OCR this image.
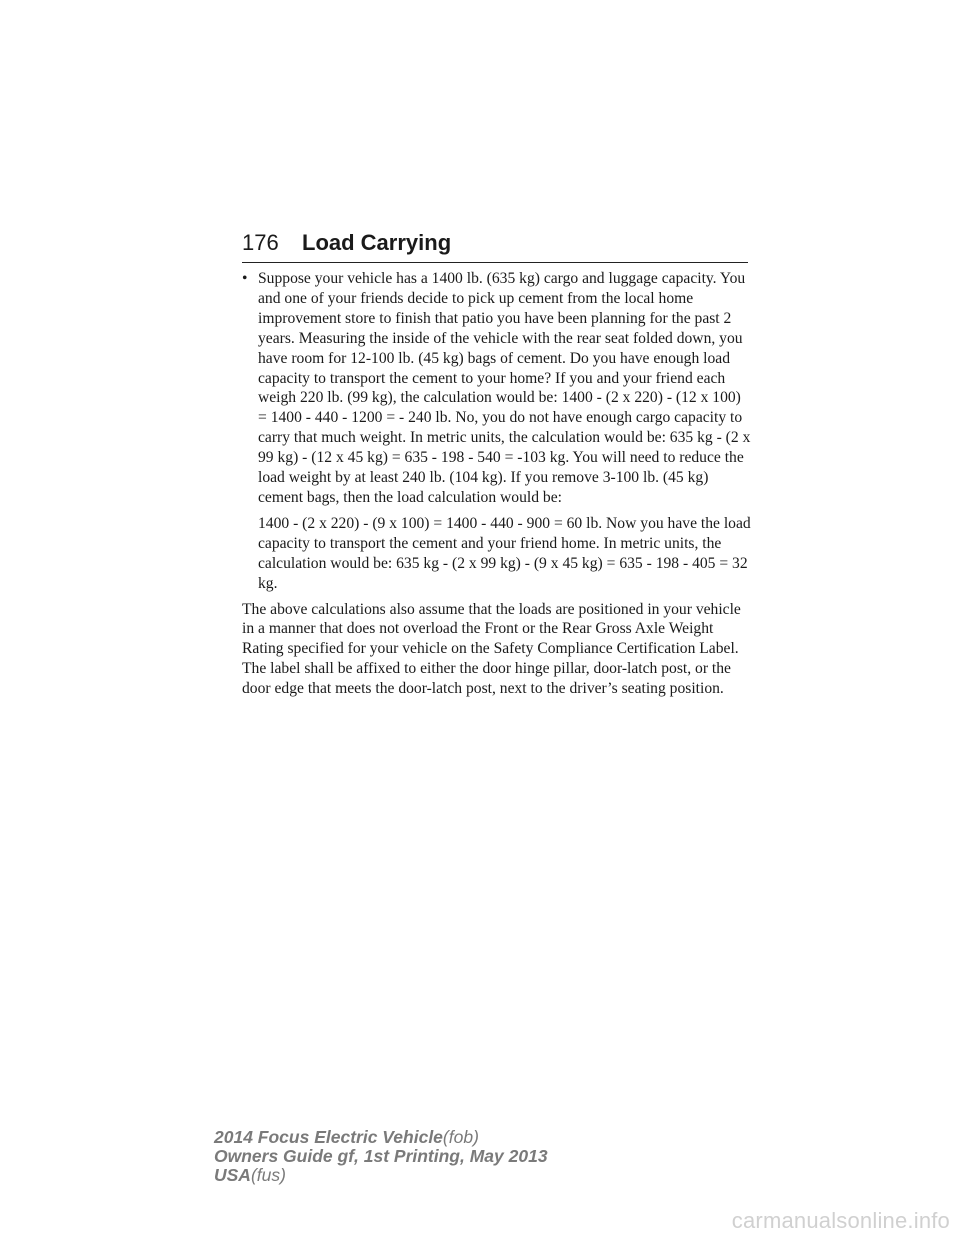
176 Load Carrying

• Suppose your vehicle has a 1400 lb. (635 kg) cargo and luggage capacity. You and one of your friends decide to pick up cement from the local home improvement store to finish that patio you have been planning for the past 2 years. Measuring the inside of the vehicle with the rear seat folded down, you have room for 12-100 lb. (45 kg) bags of cement. Do you have enough load capacity to transport the cement to your home? If you and your friend each weigh 220 lb. (99 kg), the calculation would be: 1400 - (2 x 220) - (12 x 100) = 1400 - 440 - 1200 = - 240 lb. No, you do not have enough cargo capacity to carry that much weight. In metric units, the calculation would be: 635 kg - (2 x 99 kg) - (12 x 45 kg) = 635 - 198 - 540 = -103 kg. You will need to reduce the load weight by at least 240 lb. (104 kg). If you remove 3-100 lb. (45 kg) cement bags, then the load calculation would be:

1400 - (2 x 220) - (9 x 100) = 1400 - 440 - 900 = 60 lb. Now you have the load capacity to transport the cement and your friend home. In metric units, the calculation would be: 635 kg - (2 x 99 kg) - (9 x 45 kg) = 635 - 198 - 405 = 32 kg.

The above calculations also assume that the loads are positioned in your vehicle in a manner that does not overload the Front or the Rear Gross Axle Weight Rating specified for your vehicle on the Safety Compliance Certification Label. The label shall be affixed to either the door hinge pillar, door-latch post, or the door edge that meets the door-latch post, next to the driver’s seating position.

2014 Focus Electric Vehicle(fob)
Owners Guide gf, 1st Printing, May 2013
USA(fus)
carmanualsonline.info
